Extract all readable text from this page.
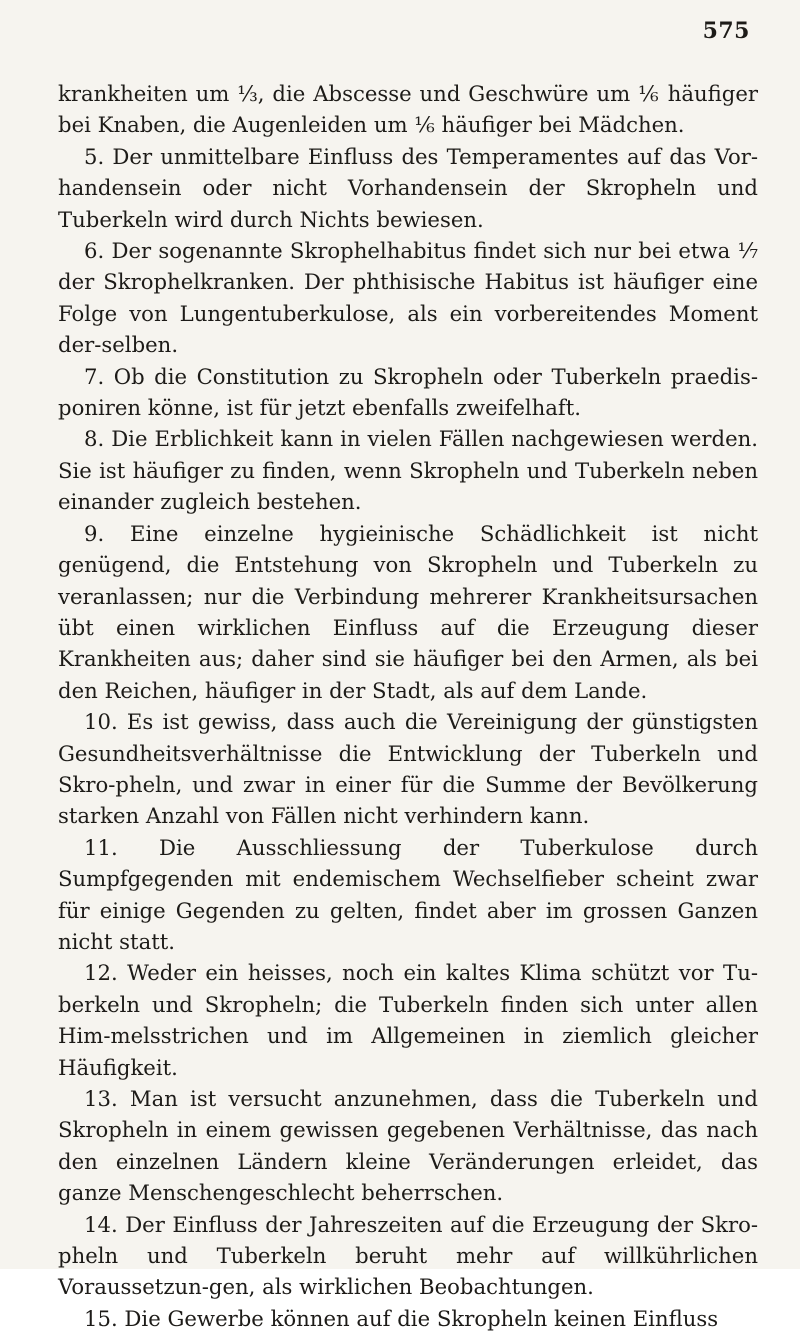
575

krankheiten um ⅓, die Abscesse und Geschwüre um ⅙ häufiger bei Knaben, die Augenleiden um ⅙ häufiger bei Mädchen.

5. Der unmittelbare Einfluss des Temperamentes auf das Vor-handensein oder nicht Vorhandensein der Skropheln und Tuberkeln wird durch Nichts bewiesen.

6. Der sogenannte Skrophelhabitus findet sich nur bei etwa ⅐ der Skrophelkranken. Der phthisische Habitus ist häufiger eine Folge von Lungentuberkulose, als ein vorbereitendes Moment der-selben.

7. Ob die Constitution zu Skropheln oder Tuberkeln praedis-poniren könne, ist für jetzt ebenfalls zweifelhaft.

8. Die Erblichkeit kann in vielen Fällen nachgewiesen werden. Sie ist häufiger zu finden, wenn Skropheln und Tuberkeln neben einander zugleich bestehen.

9. Eine einzelne hygieinische Schädlichkeit ist nicht genügend, die Entstehung von Skropheln und Tuberkeln zu veranlassen; nur die Verbindung mehrerer Krankheitsursachen übt einen wirklichen Einfluss auf die Erzeugung dieser Krankheiten aus; daher sind sie häufiger bei den Armen, als bei den Reichen, häufiger in der Stadt, als auf dem Lande.

10. Es ist gewiss, dass auch die Vereinigung der günstigsten Gesundheitsverhältnisse die Entwicklung der Tuberkeln und Skro-pheln, und zwar in einer für die Summe der Bevölkerung starken Anzahl von Fällen nicht verhindern kann.

11. Die Ausschliessung der Tuberkulose durch Sumpfgegenden mit endemischem Wechselfieber scheint zwar für einige Gegenden zu gelten, findet aber im grossen Ganzen nicht statt.

12. Weder ein heisses, noch ein kaltes Klima schützt vor Tu-berkeln und Skropheln; die Tuberkeln finden sich unter allen Him-melsstrichen und im Allgemeinen in ziemlich gleicher Häufigkeit.

13. Man ist versucht anzunehmen, dass die Tuberkeln und Skropheln in einem gewissen gegebenen Verhältnisse, das nach den einzelnen Ländern kleine Veränderungen erleidet, das ganze Menschengeschlecht beherrschen.

14. Der Einfluss der Jahreszeiten auf die Erzeugung der Skro-pheln und Tuberkeln beruht mehr auf willkührlichen Voraussetzun-gen, als wirklichen Beobachtungen.

15. Die Gewerbe können auf die Skropheln keinen Einfluss
